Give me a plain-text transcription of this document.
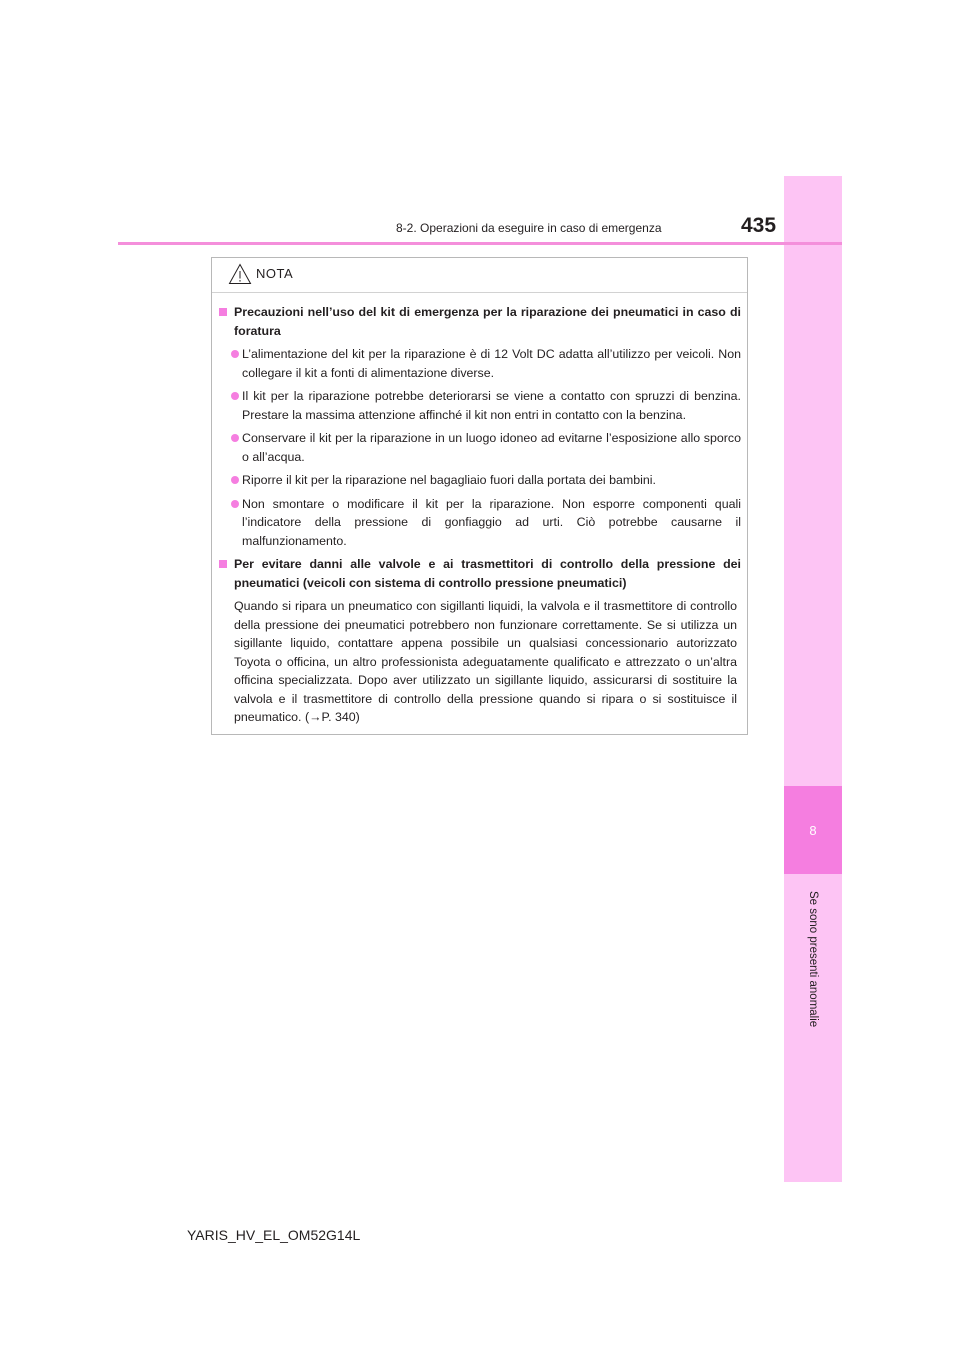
8
Se sono presenti anomalie
8-2. Operazioni da eseguire in caso di emergenza	435
NOTA
Precauzioni nell’uso del kit di emergenza per la riparazione dei pneumatici in caso di foratura
L’alimentazione del kit per la riparazione è di 12 Volt DC adatta all’utilizzo per veicoli. Non collegare il kit a fonti di alimentazione diverse.
Il kit per la riparazione potrebbe deteriorarsi se viene a contatto con spruzzi di benzina. Prestare la massima attenzione affinché il kit non entri in contatto con la benzina.
Conservare il kit per la riparazione in un luogo idoneo ad evitarne l’esposizione allo sporco o all’acqua.
Riporre il kit per la riparazione nel bagagliaio fuori dalla portata dei bambini.
Non smontare o modificare il kit per la riparazione. Non esporre componenti quali l’indicatore della pressione di gonfiaggio ad urti. Ciò potrebbe causarne il malfunzionamento.
Per evitare danni alle valvole e ai trasmettitori di controllo della pressione dei pneumatici (veicoli con sistema di controllo pressione pneumatici)
Quando si ripara un pneumatico con sigillanti liquidi, la valvola e il trasmettitore di controllo della pressione dei pneumatici potrebbero non funzionare correttamente. Se si utilizza un sigillante liquido, contattare appena possibile un qualsiasi concessionario autorizzato Toyota o officina, un altro professionista adeguatamente qualificato e attrezzato o un’altra officina specializzata. Dopo aver utilizzato un sigillante liquido, assicurarsi di sostituire la valvola e il trasmettitore di controllo della pressione quando si ripara o si sostituisce il pneumatico. (→P. 340)
YARIS_HV_EL_OM52G14L
